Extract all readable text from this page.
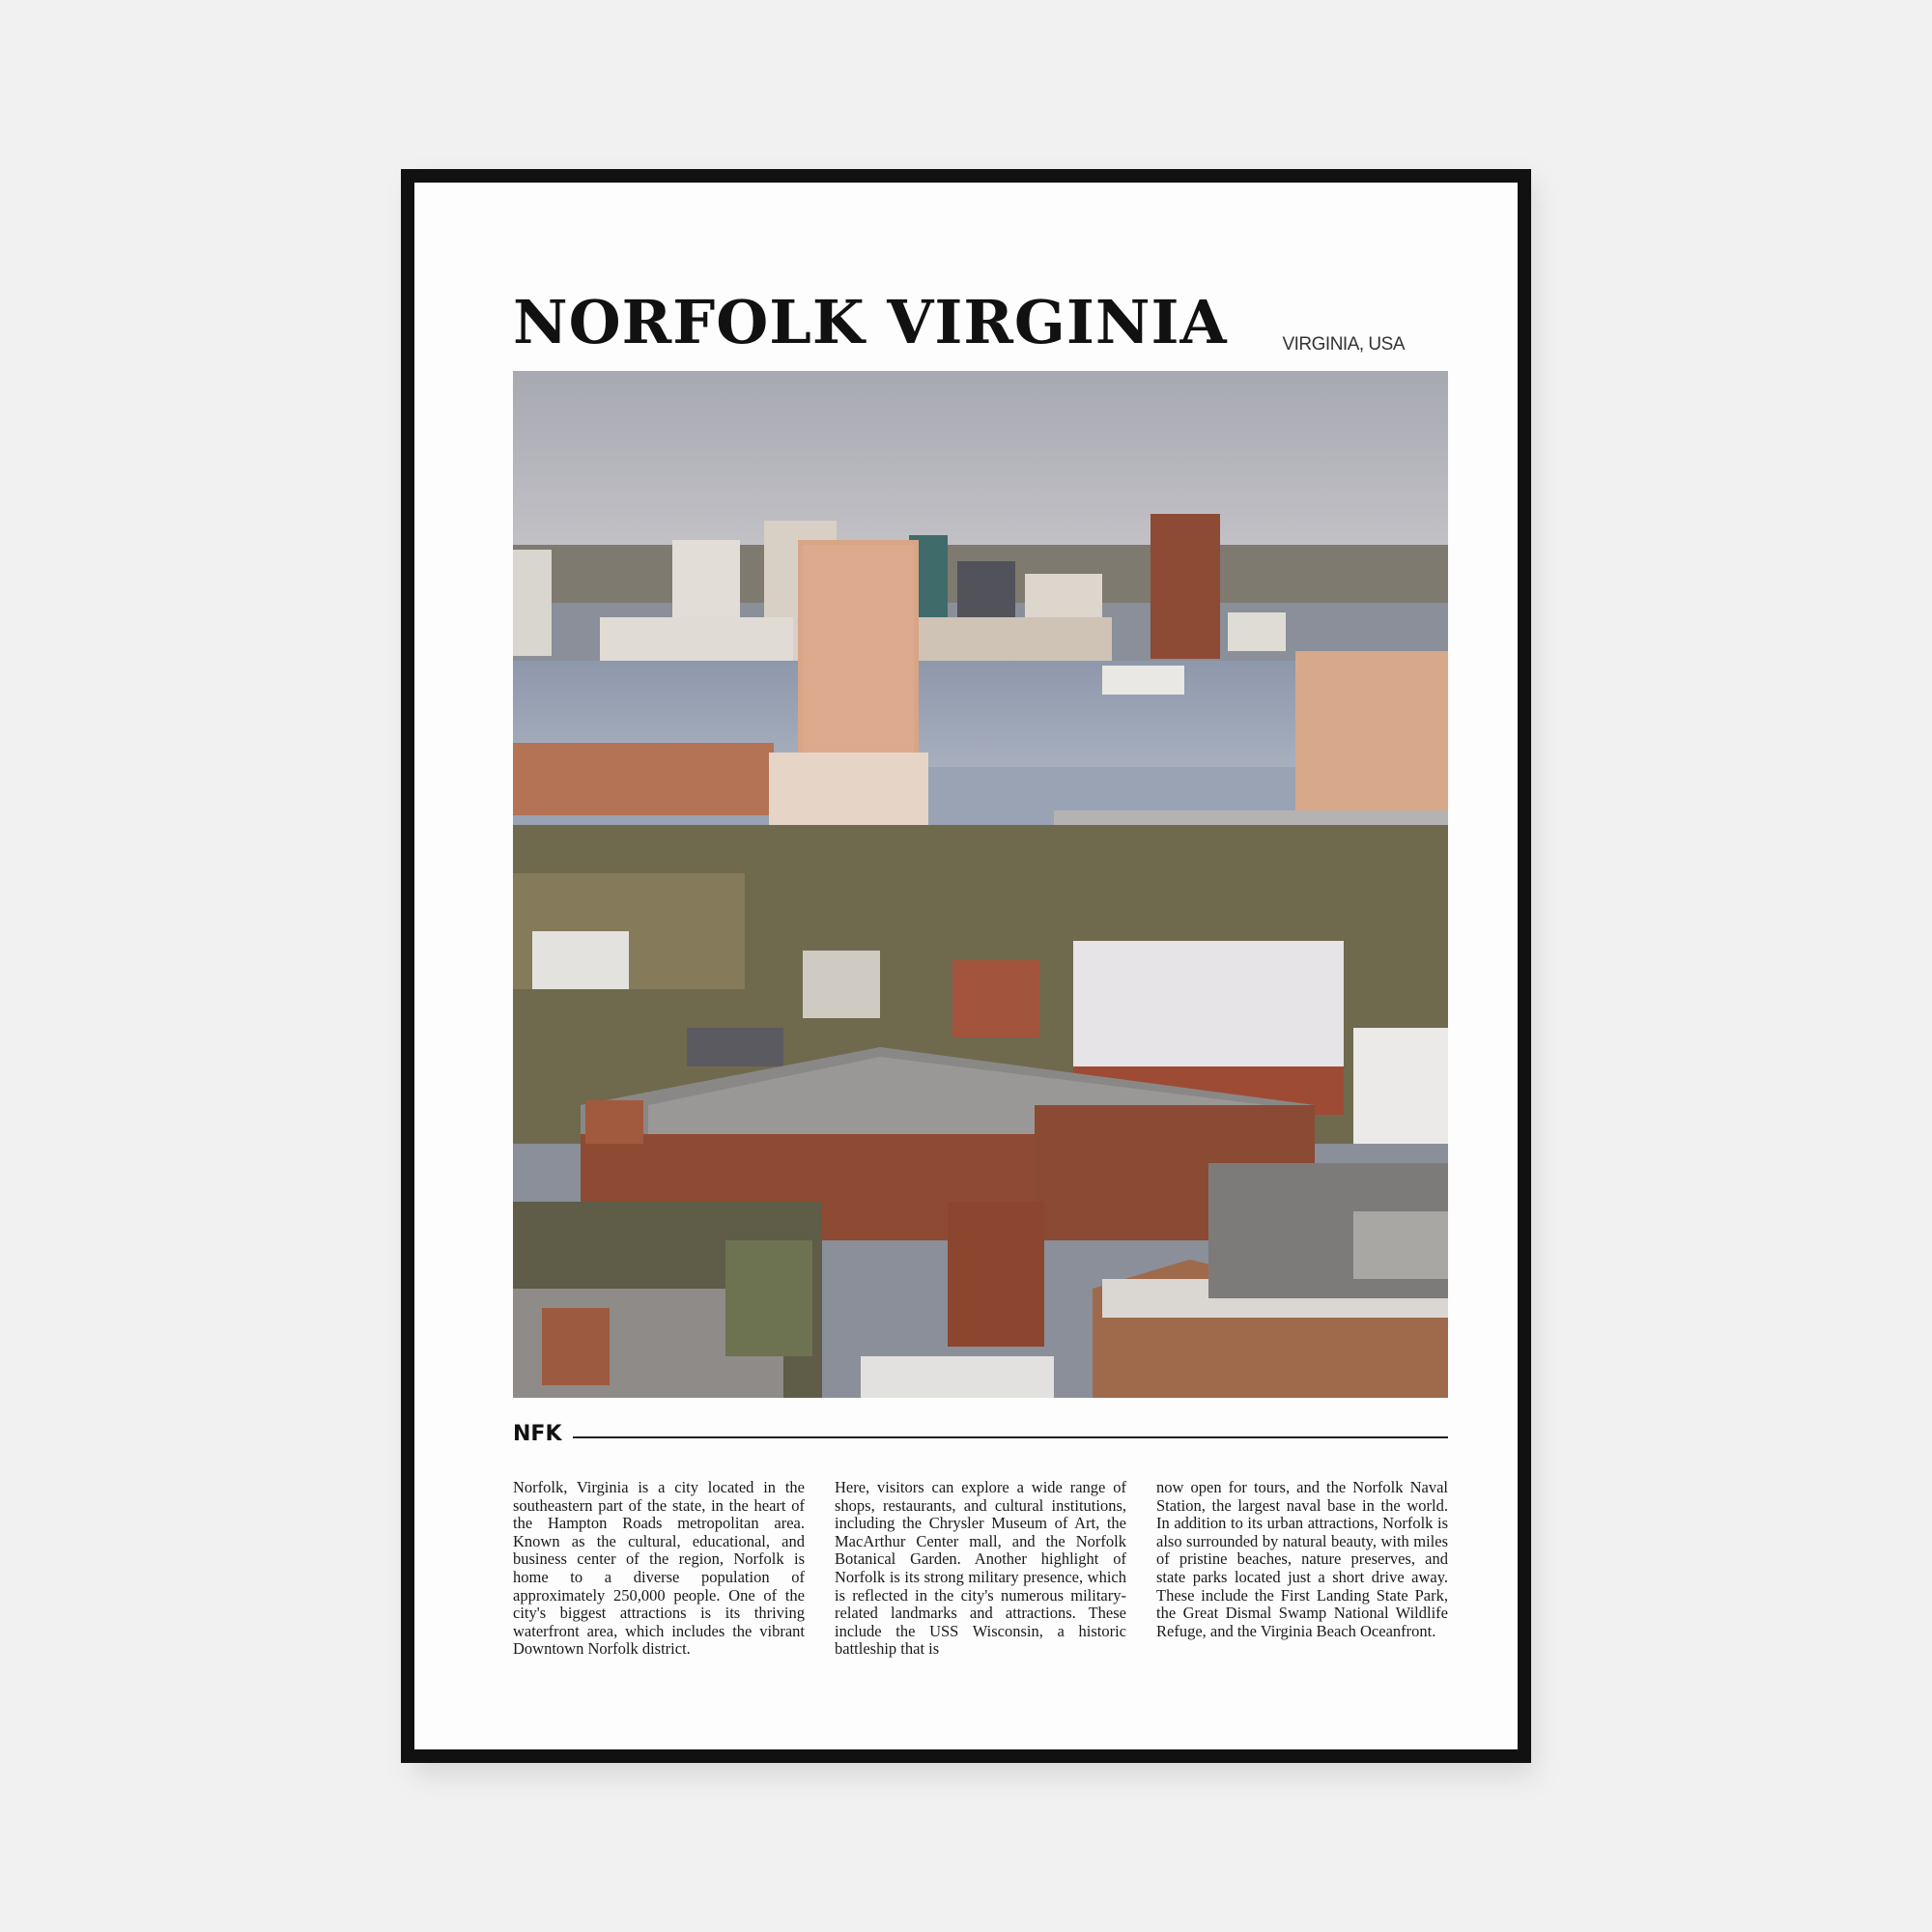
NORFOLK VIRGINIA	VIRGINIA, USA
NFK
Norfolk, Virginia is a city located in the southeastern part of the state, in the heart of the Hampton Roads metropolitan area. Known as the cultural, educational, and business center of the region, Norfolk is home to a diverse population of approximately 250,000 people. One of the city's biggest attractions is its thriving waterfront area, which includes the vibrant Downtown Norfolk district.
Here, visitors can explore a wide range of shops, restaurants, and cultural institutions, including the Chrysler Museum of Art, the MacArthur Center mall, and the Norfolk Botanical Garden. Another highlight of Norfolk is its strong military presence, which is reflected in the city's numerous military-related landmarks and attractions. These include the USS Wisconsin, a historic battleship that is
now open for tours, and the Norfolk Naval Station, the largest naval base in the world. In addition to its urban attractions, Norfolk is also surrounded by natural beauty, with miles of pristine beaches, nature preserves, and state parks located just a short drive away. These include the First Landing State Park, the Great Dismal Swamp National Wildlife Refuge, and the Virginia Beach Oceanfront.
